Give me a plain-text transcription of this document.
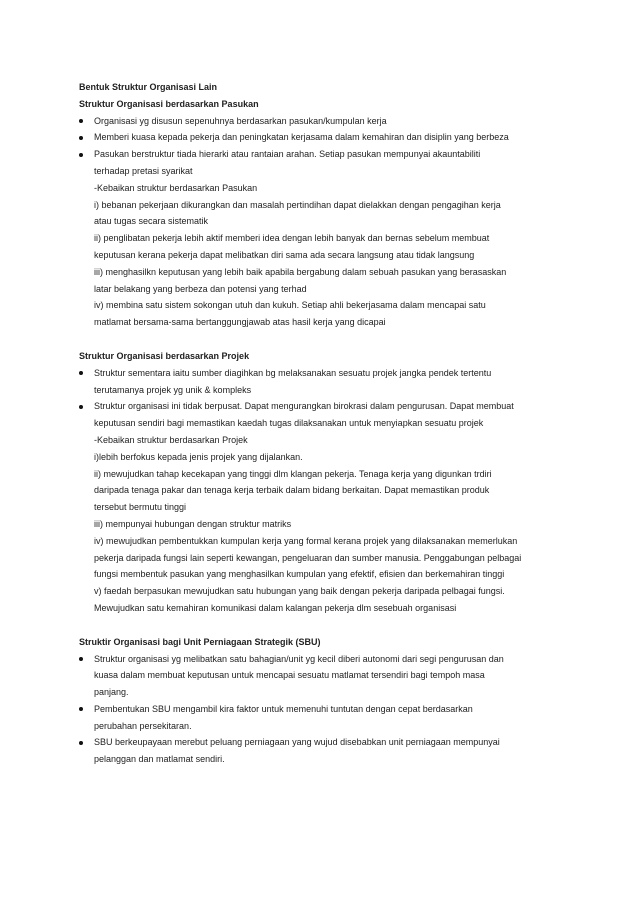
Bentuk Struktur Organisasi Lain
Struktur Organisasi berdasarkan Pasukan
Organisasi yg disusun sepenuhnya berdasarkan pasukan/kumpulan kerja
Memberi kuasa kepada pekerja dan peningkatan kerjasama dalam kemahiran dan disiplin yang berbeza
Pasukan berstruktur tiada hierarki atau rantaian arahan. Setiap pasukan mempunyai akauntabiliti
terhadap pretasi syarikat
-Kebaikan struktur berdasarkan Pasukan
i) bebanan pekerjaan dikurangkan dan masalah pertindihan dapat dielakkan dengan pengagihan kerja
atau tugas secara sistematik
ii) penglibatan pekerja lebih aktif memberi idea dengan lebih banyak dan bernas sebelum membuat
keputusan kerana pekerja dapat melibatkan diri sama ada secara langsung atau tidak langsung
iii) menghasilkn keputusan yang lebih baik apabila bergabung dalam sebuah pasukan yang berasaskan
latar belakang yang berbeza dan potensi yang terhad
iv) membina satu sistem sokongan utuh dan kukuh. Setiap ahli bekerjasama dalam mencapai satu
matlamat bersama-sama bertanggungjawab atas hasil kerja yang dicapai
Struktur Organisasi berdasarkan Projek
Struktur sementara iaitu sumber diagihkan bg melaksanakan sesuatu projek jangka pendek tertentu
terutamanya projek yg unik & kompleks
Struktur organisasi ini tidak berpusat. Dapat mengurangkan birokrasi dalam pengurusan. Dapat membuat
keputusan sendiri bagi memastikan kaedah tugas dilaksanakan untuk menyiapkan sesuatu projek
-Kebaikan struktur berdasarkan Projek
i)lebih berfokus kepada jenis projek yang dijalankan.
ii) mewujudkan tahap kecekapan yang tinggi dlm klangan pekerja. Tenaga kerja yang digunkan trdiri
daripada tenaga pakar dan tenaga kerja terbaik dalam bidang berkaitan. Dapat memastikan produk
tersebut bermutu tinggi
iii) mempunyai hubungan dengan struktur matriks
iv) mewujudkan pembentukkan kumpulan kerja yang formal kerana projek yang dilaksanakan memerlukan
pekerja daripada fungsi lain seperti kewangan, pengeluaran dan sumber manusia. Penggabungan pelbagai
fungsi membentuk pasukan yang menghasilkan kumpulan yang efektif, efisien dan berkemahiran tinggi
v) faedah berpasukan mewujudkan satu hubungan yang baik dengan pekerja daripada pelbagai fungsi.
Mewujudkan satu kemahiran komunikasi dalam kalangan pekerja dlm sesebuah organisasi
Struktir Organisasi bagi Unit Perniagaan Strategik (SBU)
Struktur organisasi yg melibatkan satu bahagian/unit yg kecil diberi autonomi dari segi pengurusan dan
kuasa dalam membuat keputusan untuk mencapai sesuatu matlamat tersendiri bagi tempoh masa
panjang.
Pembentukan SBU mengambil kira faktor untuk memenuhi tuntutan dengan cepat berdasarkan
perubahan persekitaran.
SBU berkeupayaan merebut peluang perniagaan yang wujud disebabkan unit perniagaan mempunyai
pelanggan dan matlamat sendiri.
